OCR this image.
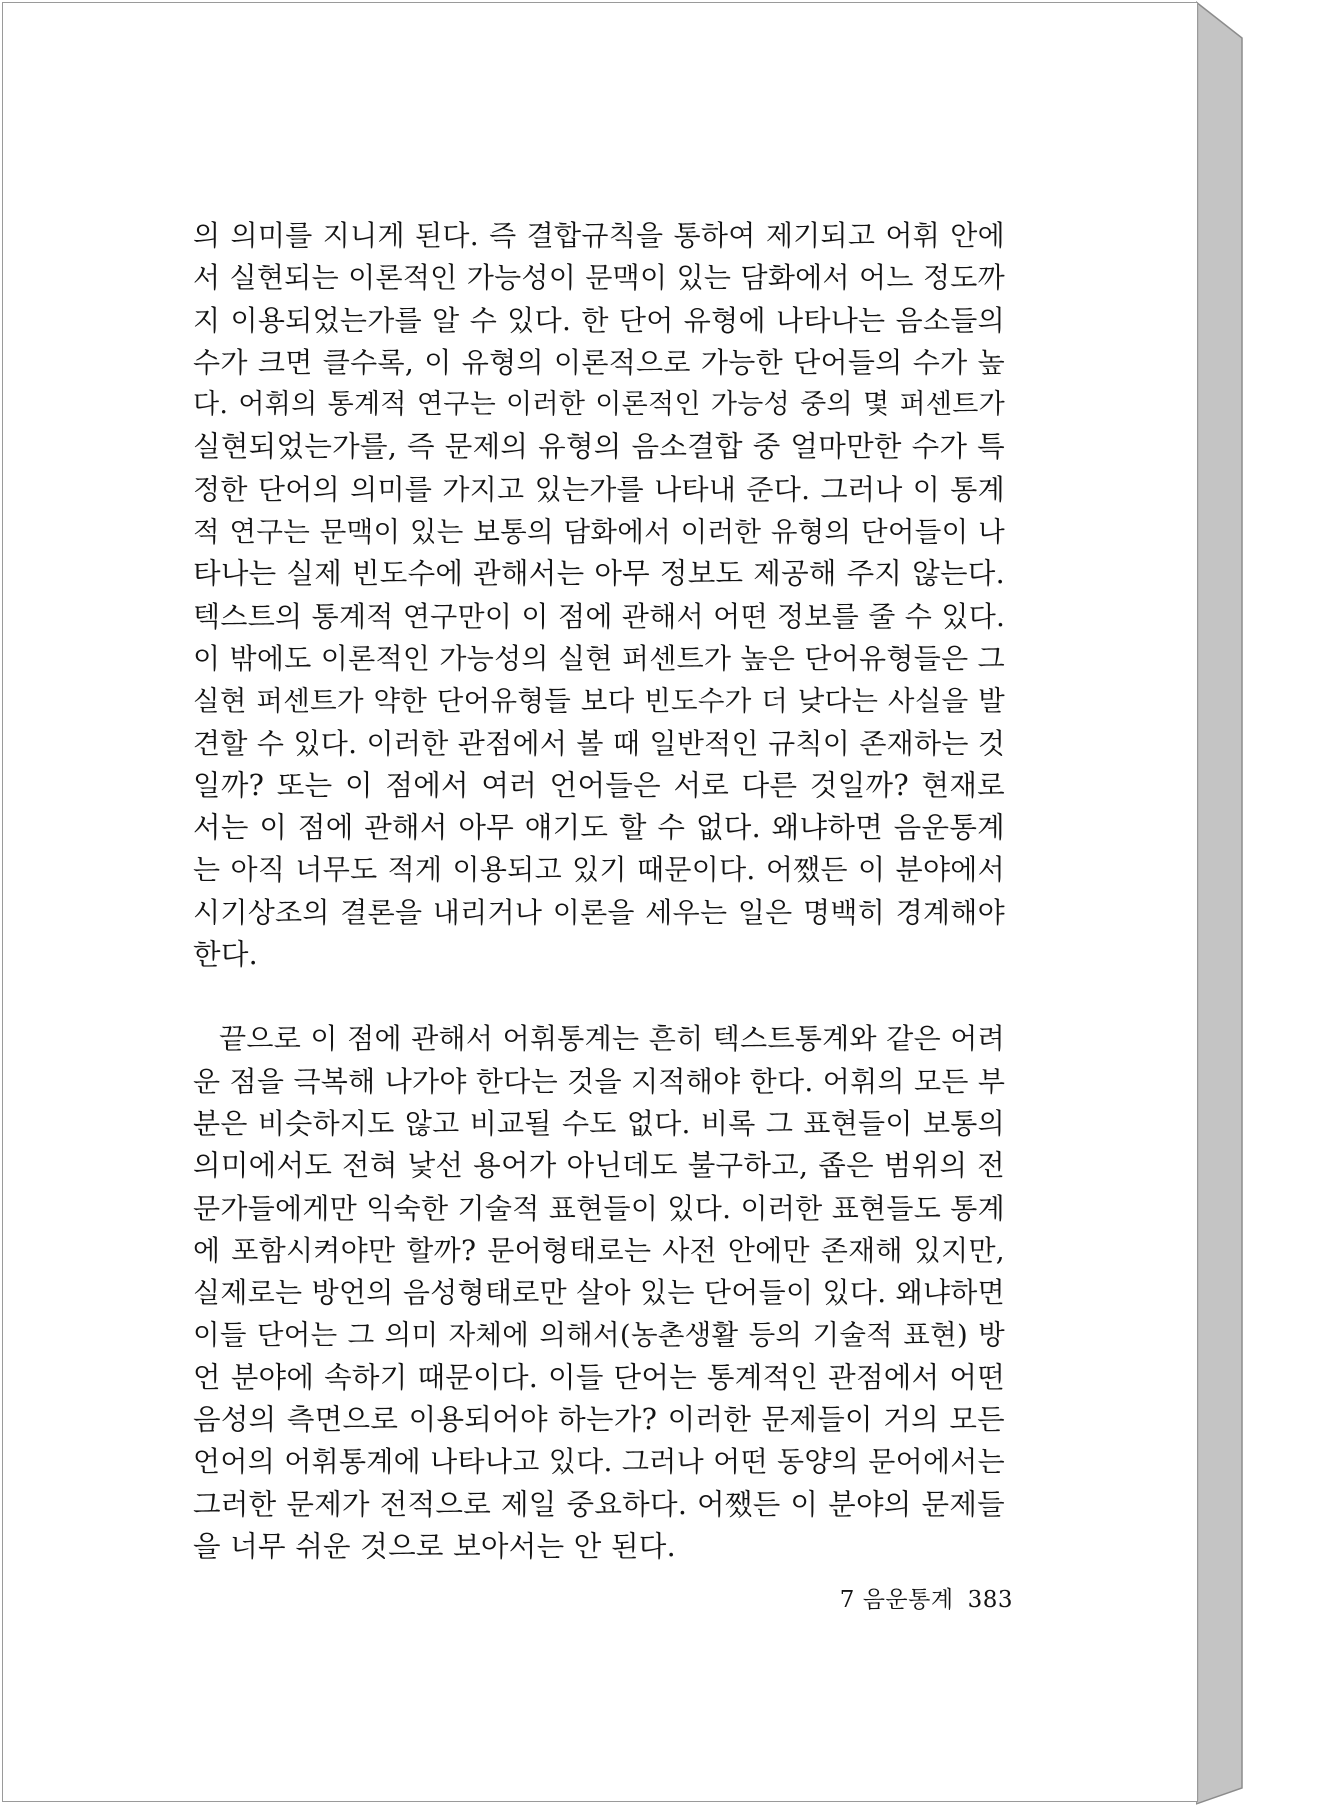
의 의미를 지니게 된다. 즉 결합규칙을 통하여 제기되고 어휘 안에
서 실현되는 이론적인 가능성이 문맥이 있는 담화에서 어느 정도까
지 이용되었는가를 알 수 있다. 한 단어 유형에 나타나는 음소들의
수가 크면 클수록, 이 유형의 이론적으로 가능한 단어들의 수가 높
다. 어휘의 통계적 연구는 이러한 이론적인 가능성 중의 몇 퍼센트가
실현되었는가를, 즉 문제의 유형의 음소결합 중 얼마만한 수가 특
정한 단어의 의미를 가지고 있는가를 나타내 준다. 그러나 이 통계
적 연구는 문맥이 있는 보통의 담화에서 이러한 유형의 단어들이 나
타나는 실제 빈도수에 관해서는 아무 정보도 제공해 주지 않는다.
텍스트의 통계적 연구만이 이 점에 관해서 어떤 정보를 줄 수 있다.
이 밖에도 이론적인 가능성의 실현 퍼센트가 높은 단어유형들은 그
실현 퍼센트가 약한 단어유형들 보다 빈도수가 더 낮다는 사실을 발
견할 수 있다. 이러한 관점에서 볼 때 일반적인 규칙이 존재하는 것
일까? 또는 이 점에서 여러 언어들은 서로 다른 것일까? 현재로
서는 이 점에 관해서 아무 얘기도 할 수 없다. 왜냐하면 음운통계
는 아직 너무도 적게 이용되고 있기 때문이다. 어쨌든 이 분야에서
시기상조의 결론을 내리거나 이론을 세우는 일은 명백히 경계해야
한다.
끝으로 이 점에 관해서 어휘통계는 흔히 텍스트통계와 같은 어려
운 점을 극복해 나가야 한다는 것을 지적해야 한다. 어휘의 모든 부
분은 비슷하지도 않고 비교될 수도 없다. 비록 그 표현들이 보통의
의미에서도 전혀 낯선 용어가 아닌데도 불구하고, 좁은 범위의 전
문가들에게만 익숙한 기술적 표현들이 있다. 이러한 표현들도 통계
에 포함시켜야만 할까? 문어형태로는 사전 안에만 존재해 있지만,
실제로는 방언의 음성형태로만 살아 있는 단어들이 있다. 왜냐하면
이들 단어는 그 의미 자체에 의해서(농촌생활 등의 기술적 표현) 방
언 분야에 속하기 때문이다. 이들 단어는 통계적인 관점에서 어떤
음성의 측면으로 이용되어야 하는가? 이러한 문제들이 거의 모든
언어의 어휘통계에 나타나고 있다. 그러나 어떤 동양의 문어에서는
그러한 문제가 전적으로 제일 중요하다. 어쨌든 이 분야의 문제들
을 너무 쉬운 것으로 보아서는 안 된다.
7 음운통계 383
